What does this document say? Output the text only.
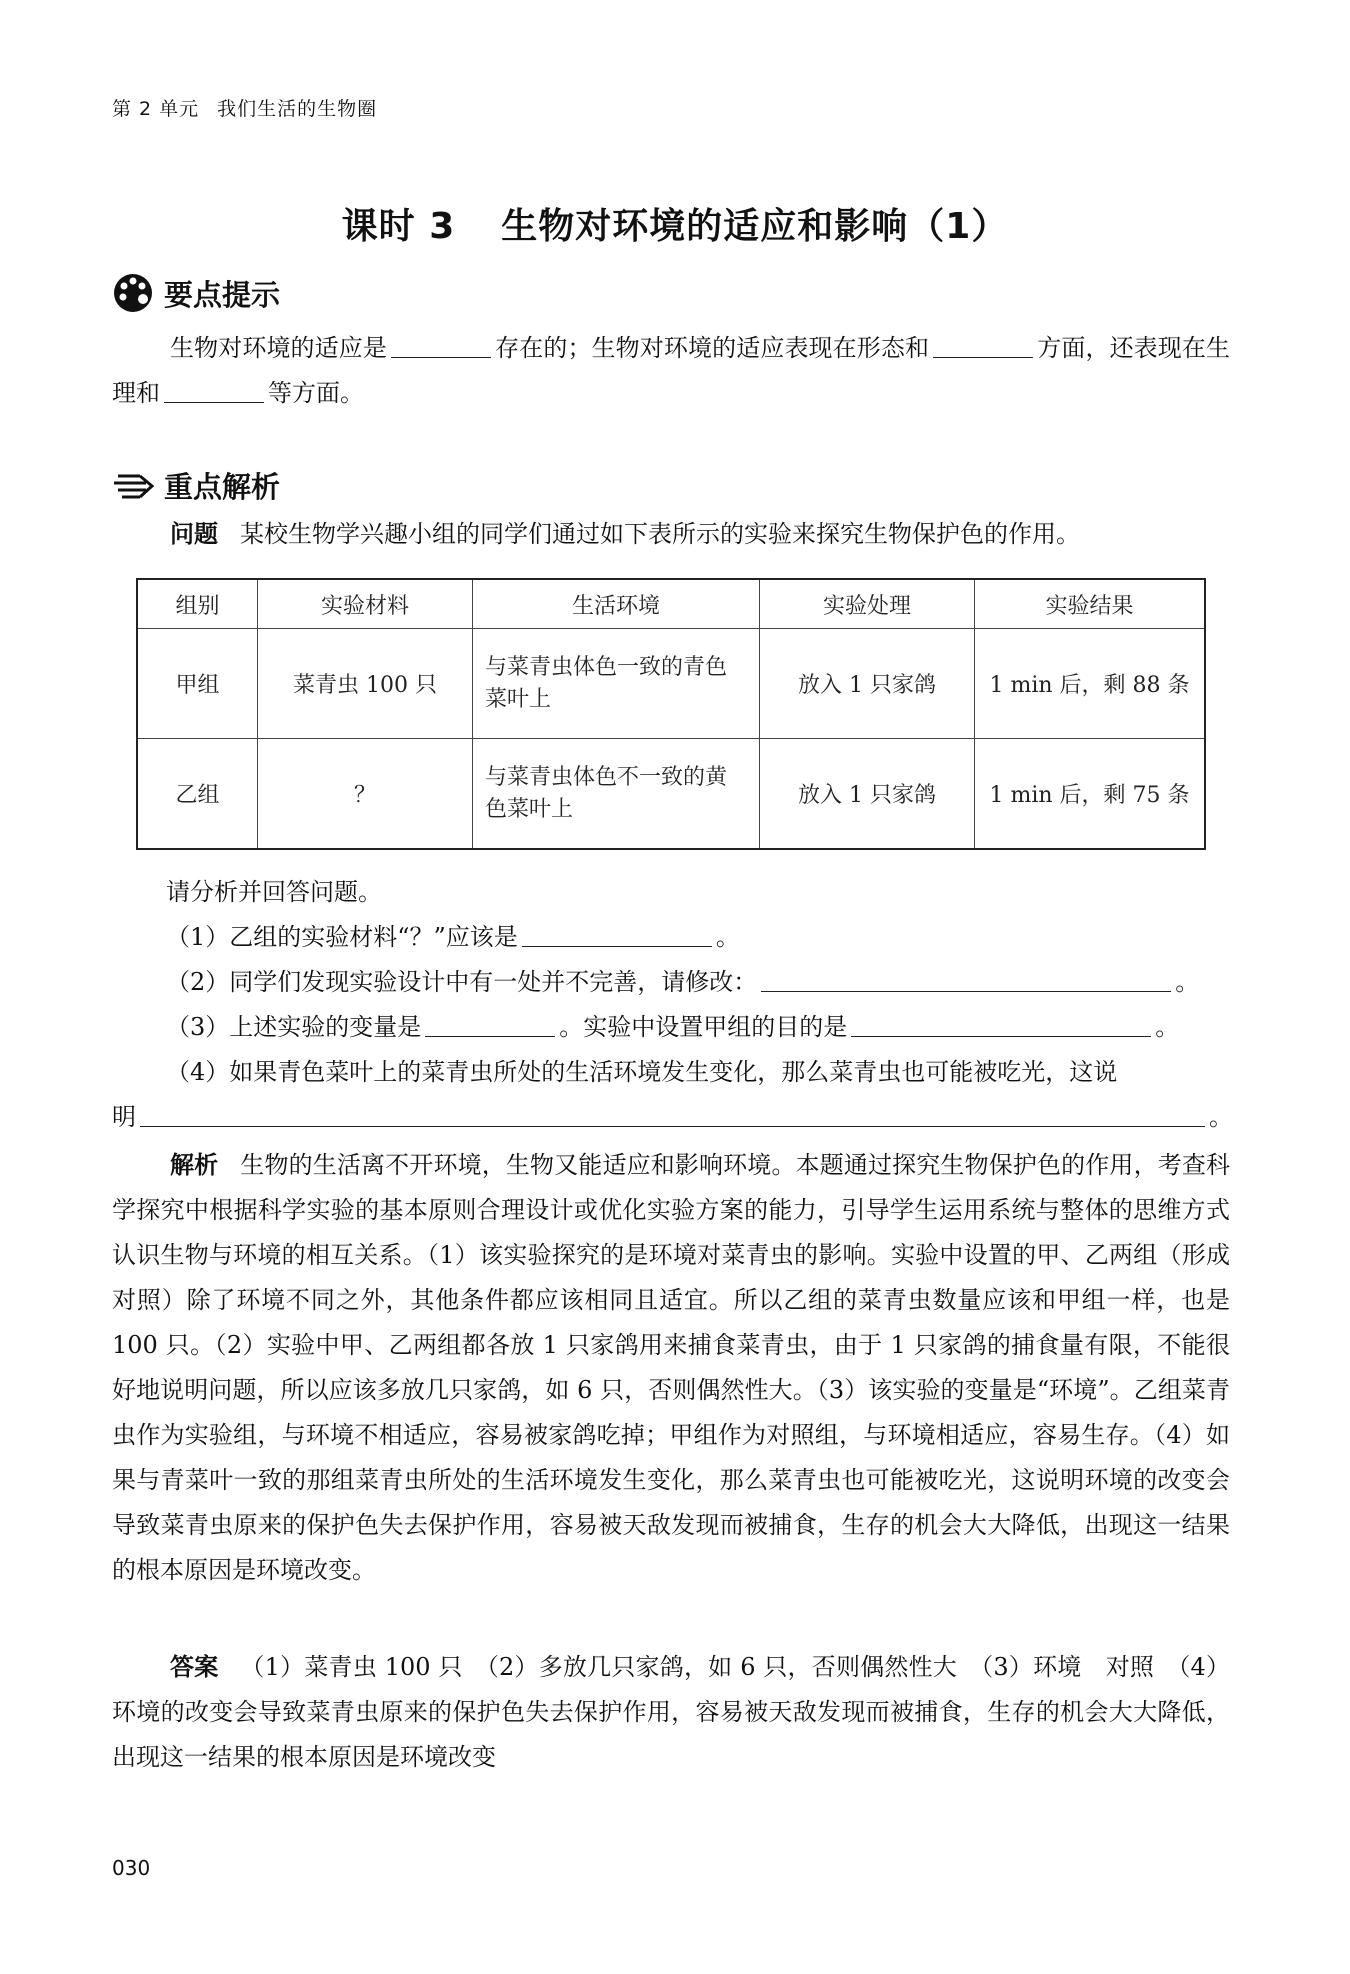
第 2 单元 我们生活的生物圈
课时 3 生物对环境的适应和影响（1）
要点提示
生物对环境的适应是	存在的；生物对环境的适应表现在形态和	方面，还表现在生理和	等方面。
重点解析
问题 某校生物学兴趣小组的同学们通过如下表所示的实验来探究生物保护色的作用。
组别	实验材料	生活环境	实验处理	实验结果
甲组	菜青虫 100 只	与菜青虫体色一致的青色菜叶上	放入 1 只家鸽	1 min 后，剩 88 条
乙组	？	与菜青虫体色不一致的黄色菜叶上	放入 1 只家鸽	1 min 后，剩 75 条
请分析并回答问题。
（1）乙组的实验材料“？”应该是	。
（2）同学们发现实验设计中有一处并不完善，请修改：	。
（3）上述实验的变量是	。实验中设置甲组的目的是	。
（4）如果青色菜叶上的菜青虫所处的生活环境发生变化，那么菜青虫也可能被吃光，这说
明	。
解析 生物的生活离不开环境，生物又能适应和影响环境。本题通过探究生物保护色的作用，考查科学探究中根据科学实验的基本原则合理设计或优化实验方案的能力，引导学生运用系统与整体的思维方式认识生物与环境的相互关系。（1）该实验探究的是环境对菜青虫的影响。实验中设置的甲、乙两组（形成对照）除了环境不同之外，其他条件都应该相同且适宜。所以乙组的菜青虫数量应该和甲组一样，也是 100 只。（2）实验中甲、乙两组都各放 1 只家鸽用来捕食菜青虫，由于 1 只家鸽的捕食量有限，不能很好地说明问题，所以应该多放几只家鸽，如 6 只，否则偶然性大。（3）该实验的变量是“环境”。乙组菜青虫作为实验组，与环境不相适应，容易被家鸽吃掉；甲组作为对照组，与环境相适应，容易生存。（4）如果与青菜叶一致的那组菜青虫所处的生活环境发生变化，那么菜青虫也可能被吃光，这说明环境的改变会导致菜青虫原来的保护色失去保护作用，容易被天敌发现而被捕食，生存的机会大大降低，出现这一结果的根本原因是环境改变。
答案 （1）菜青虫 100 只　（2）多放几只家鸽，如 6 只，否则偶然性大　（3）环境　对照　（4）环境的改变会导致菜青虫原来的保护色失去保护作用，容易被天敌发现而被捕食，生存的机会大大降低，出现这一结果的根本原因是环境改变
030
